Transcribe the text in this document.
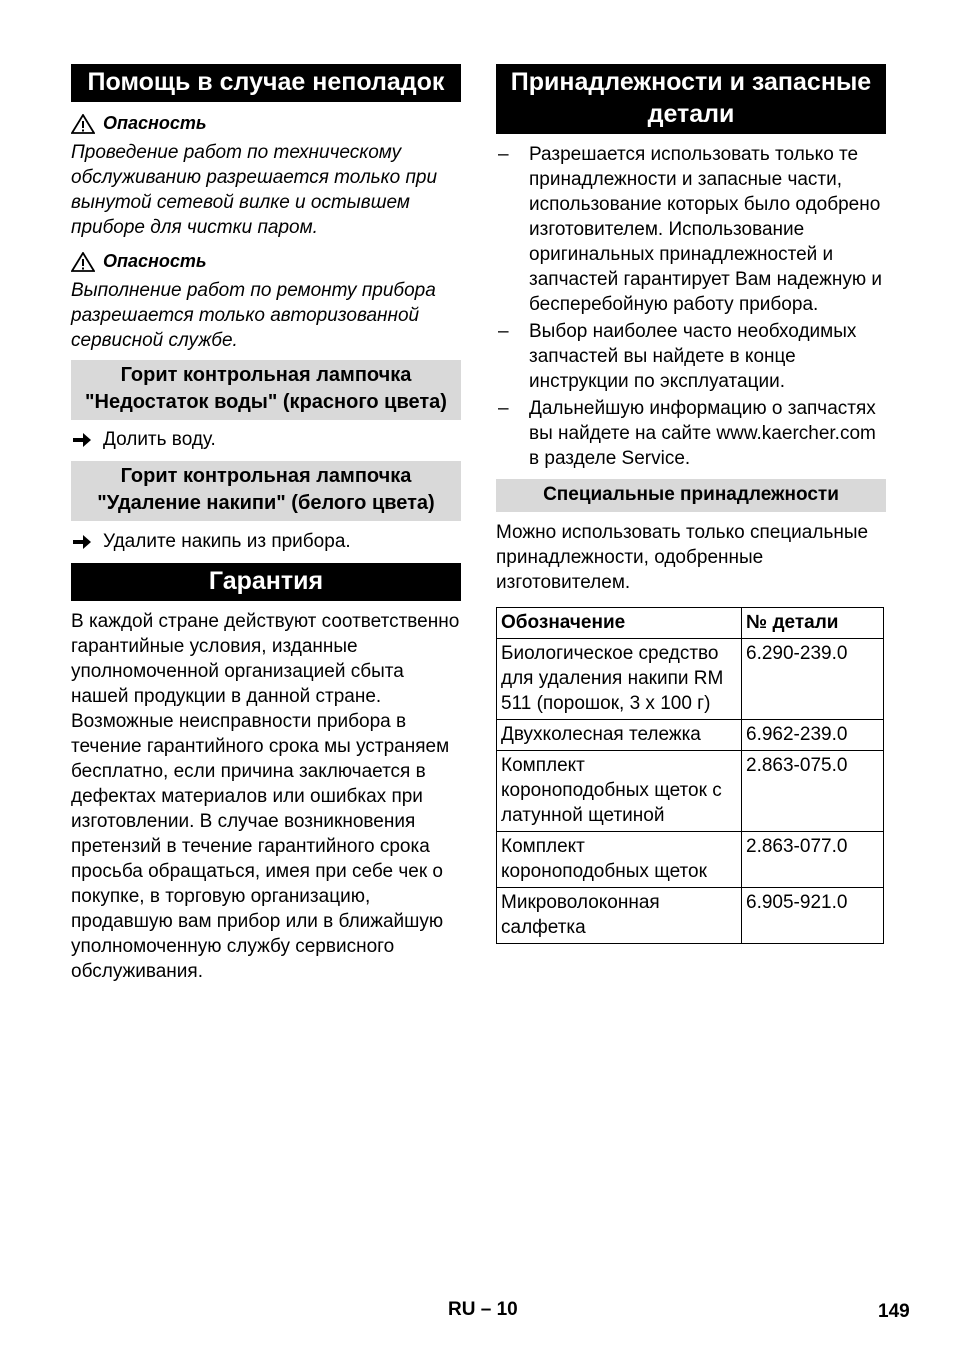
Помощь в случае неполадок
Опасность

Проведение работ по техническому обслуживанию разрешается только при вынутой сетевой вилке и остывшем приборе для чистки паром.

Опасность

Выполнение работ по ремонту прибора разрешается только авторизованной сервисной службе.

Горит контрольная лампочка "Недостаток воды" (красного цвета)
Долить воду.
Горит контрольная лампочка "Удаление накипи" (белого цвета)
Удалите накипь из прибора.
Гарантия

В каждой стране действуют соответственно гарантийные условия, изданные уполномоченной организацией сбыта нашей продукции в данной стране. Возможные неисправности прибора в течение гарантийного срока мы устраняем бесплатно, если причина заключается в дефектах материалов или ошибках при изготовлении. В случае возникновения претензий в течение гарантийного срока просьба обращаться, имея при себе чек о покупке, в торговую организацию, продавшую вам прибор или в ближайшую уполномоченную службу сервисного обслуживания.

Принадлежности и запасные детали
– Разрешается использовать только те принадлежности и запасные части, использование которых было одобрено изготовителем. Использование оригинальных принадлежностей и запчастей гарантирует Вам надежную и бесперебойную работу прибора.
– Выбор наиболее часто необходимых запчастей вы найдете в конце инструкции по эксплуатации.
– Дальнейшую информацию о запчастях вы найдете на сайте www.kaercher.com в разделе Service.
Специальные принадлежности

Можно использовать только специальные принадлежности, одобренные изготовителем.

Обозначение	№ детали
Биологическое средство для удаления накипи RM 511 (порошок, 3 x 100 г)	6.290-239.0
Двухколесная тележка	6.962-239.0
Комплект коронoподобных щеток с латунной щетиной	2.863-075.0
Комплект коронoподобных щеток	2.863-077.0
Микроволоконная салфетка	6.905-921.0
RU – 10	149
